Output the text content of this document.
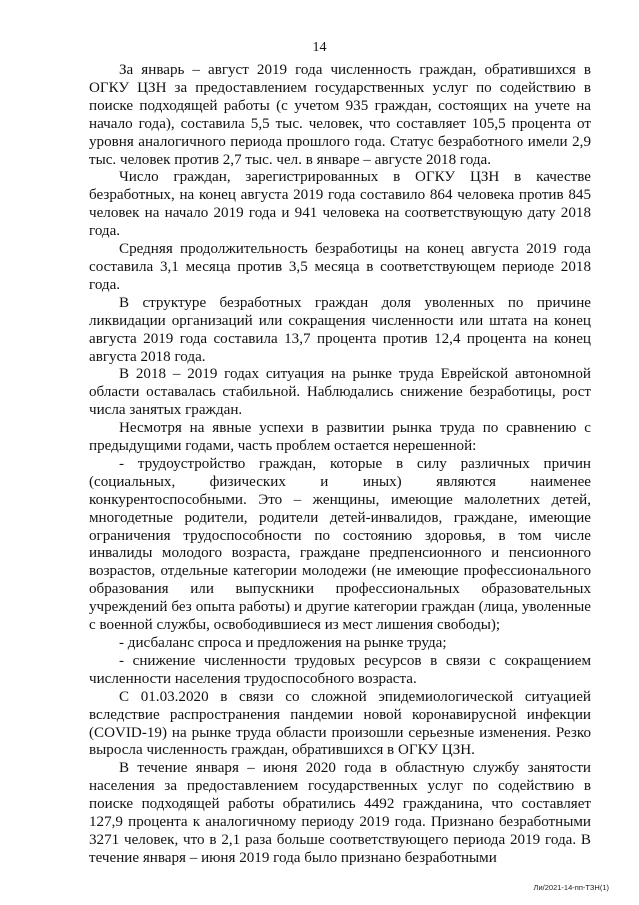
14

За январь – август 2019 года численность граждан, обратившихся в ОГКУ ЦЗН за предоставлением государственных услуг по содействию в поиске подходящей работы (с учетом 935 граждан, состоящих на учете на начало года), составила 5,5 тыс. человек, что составляет 105,5 процента от уровня аналогичного периода прошлого года. Статус безработного имели 2,9 тыс. человек против 2,7 тыс. чел. в январе – августе 2018 года.

Число граждан, зарегистрированных в ОГКУ ЦЗН в качестве безработных, на конец августа 2019 года составило 864 человека против 845 человек на начало 2019 года и 941 человека на соответствующую дату 2018 года.

Средняя продолжительность безработицы на конец августа 2019 года составила 3,1 месяца против 3,5 месяца в соответствующем периоде 2018 года.

В структуре безработных граждан доля уволенных по причине ликвидации организаций или сокращения численности или штата на конец августа 2019 года составила 13,7 процента против 12,4 процента на конец августа 2018 года.

В 2018 – 2019 годах ситуация на рынке труда Еврейской автономной области оставалась стабильной. Наблюдались снижение безработицы, рост числа занятых граждан.

Несмотря на явные успехи в развитии рынка труда по сравнению с предыдущими годами, часть проблем остается нерешенной:

- трудоустройство граждан, которые в силу различных причин (социальных, физических и иных) являются наименее конкурентоспособными. Это – женщины, имеющие малолетних детей, многодетные родители, родители детей-инвалидов, граждане, имеющие ограничения трудоспособности по состоянию здоровья, в том числе инвалиды молодого возраста, граждане предпенсионного и пенсионного возрастов, отдельные категории молодежи (не имеющие профессионального образования или выпускники профессиональных образовательных учреждений без опыта работы) и другие категории граждан (лица, уволенные с военной службы, освободившиеся из мест лишения свободы);

- дисбаланс спроса и предложения на рынке труда;

- снижение численности трудовых ресурсов в связи с сокращением численности населения трудоспособного возраста.

С 01.03.2020 в связи со сложной эпидемиологической ситуацией вследствие распространения пандемии новой коронавирусной инфекции (COVID-19) на рынке труда области произошли серьезные изменения. Резко выросла численность граждан, обратившихся в ОГКУ ЦЗН.

В течение января – июня 2020 года в областную службу занятости населения за предоставлением государственных услуг по содействию в поиске подходящей работы обратились 4492 гражданина, что составляет 127,9 процента к аналогичному периоду 2019 года. Признано безработными 3271 человек, что в 2,1 раза больше соответствующего периода 2019 года. В течение января – июня 2019 года было признано безработными

Ли/2021-14-пп-ТЗН(1)
